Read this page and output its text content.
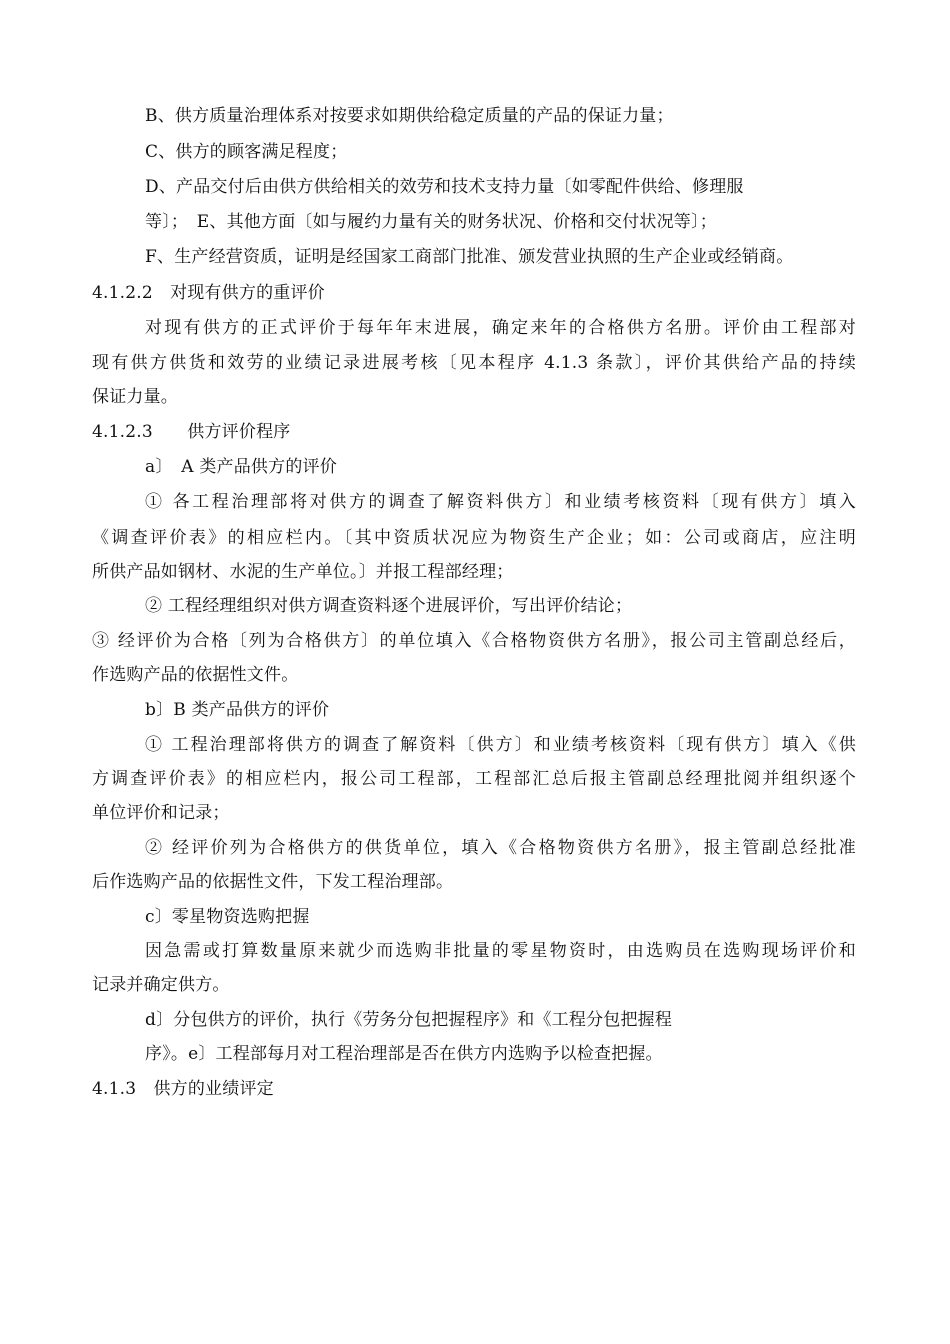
B、供方质量治理体系对按要求如期供给稳定质量的产品的保证力量；
C、供方的顾客满足程度；
D、产品交付后由供方供给相关的效劳和技术支持力量〔如零配件供给、修理服
等〕；　E、其他方面〔如与履约力量有关的财务状况、价格和交付状况等〕；
F、生产经营资质，证明是经国家工商部门批准、颁发营业执照的生产企业或经销商。
4.1.2.2　对现有供方的重评价
对现有供方的正式评价于每年年末进展，确定来年的合格供方名册。评价由工程部对
现有供方供货和效劳的业绩记录进展考核〔见本程序 4.1.3 条款〕，评价其供给产品的持续
保证力量。
4.1.2.3　　供方评价程序
a〕　A 类产品供方的评价
① 各工程治理部将对供方的调查了解资料供方〕和业绩考核资料〔现有供方〕填入
《调查评价表》的相应栏内。〔其中资质状况应为物资生产企业；如：公司或商店，应注明
所供产品如钢材、水泥的生产单位。〕并报工程部经理；
② 工程经理组织对供方调查资料逐个进展评价，写出评价结论；
③ 经评价为合格〔列为合格供方〕的单位填入《合格物资供方名册》，报公司主管副总经后，
作选购产品的依据性文件。
b〕B 类产品供方的评价
① 工程治理部将供方的调查了解资料〔供方〕和业绩考核资料〔现有供方〕填入《供
方调查评价表》的相应栏内，报公司工程部，工程部汇总后报主管副总经理批阅并组织逐个
单位评价和记录；
② 经评价列为合格供方的供货单位，填入《合格物资供方名册》，报主管副总经批准
后作选购产品的依据性文件，下发工程治理部。
c〕零星物资选购把握
因急需或打算数量原来就少而选购非批量的零星物资时，由选购员在选购现场评价和
记录并确定供方。
d〕分包供方的评价，执行《劳务分包把握程序》和《工程分包把握程
序》。e〕工程部每月对工程治理部是否在供方内选购予以检查把握。
4.1.3　供方的业绩评定
